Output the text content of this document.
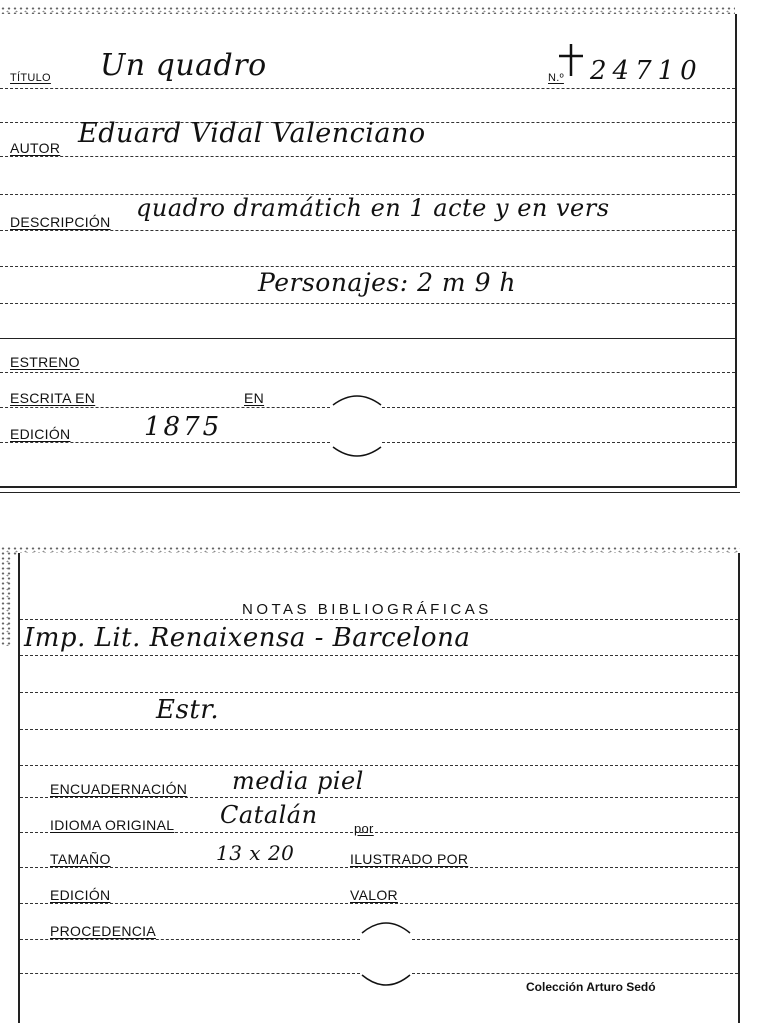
TÍTULO Un quadro	N.º 24710
AUTOR Eduard Vidal Valenciano
DESCRIPCIÓN quadro dramátich en 1 acte y en vers
Personajes: 2 m 9 h
ESTRENO
ESCRITA EN	EN
EDICIÓN	1875
NOTAS BIBLIOGRÁFICAS
Imp. Lit. Renaixensa - Barcelona
Estr.
ENCUADERNACIÓN media piel
IDIOMA ORIGINAL Catalán	por
TAMAÑO	13 x 20	ILUSTRADO POR
EDICIÓN	VALOR
PROCEDENCIA
Colección Arturo Sedó
